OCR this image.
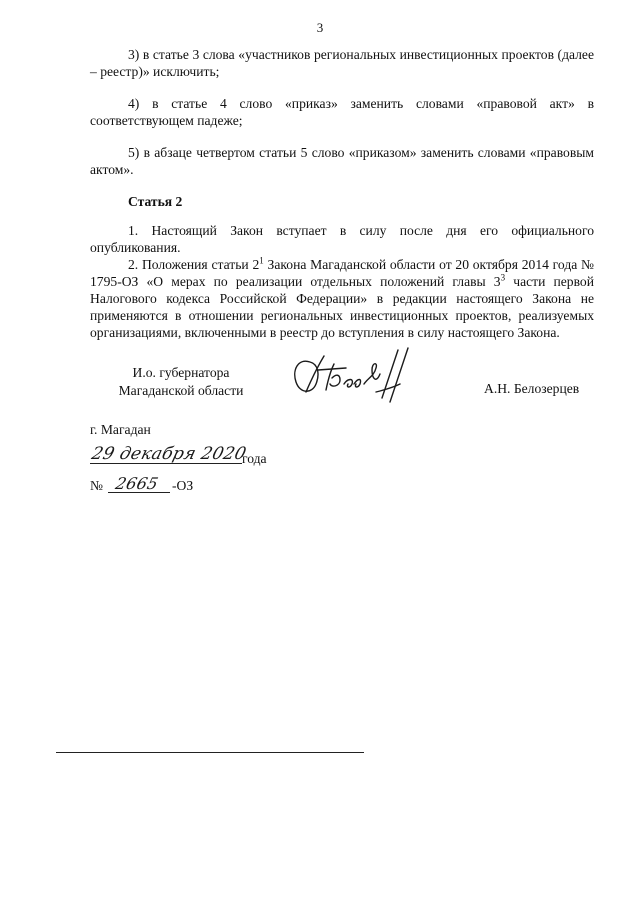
3

3) в статье 3 слова «участников региональных инвестиционных проектов (далее – реестр)» исключить;

4) в статье 4 слово «приказ» заменить словами «правовой акт» в соответствующем падеже;

5) в абзаце четвертом статьи 5 слово «приказом» заменить словами «правовым актом».

Статья 2

1. Настоящий Закон вступает в силу после дня его официального опубликования.

2. Положения статьи $2^1$ Закона Магаданской области от 20 октября 2014 года № 1795-ОЗ «О мерах по реализации отдельных положений главы $3^3$ части первой Налогового кодекса Российской Федерации» в редакции настоящего Закона не применяются в отношении региональных инвестиционных проектов, реализуемых организациями, включенными в реестр до вступления в силу настоящего Закона.

И.о. губернатора
Магаданской области	А.Н. Белозерцев
г. Магадан
29 декабря 2020
года
№ 2665 -ОЗ
